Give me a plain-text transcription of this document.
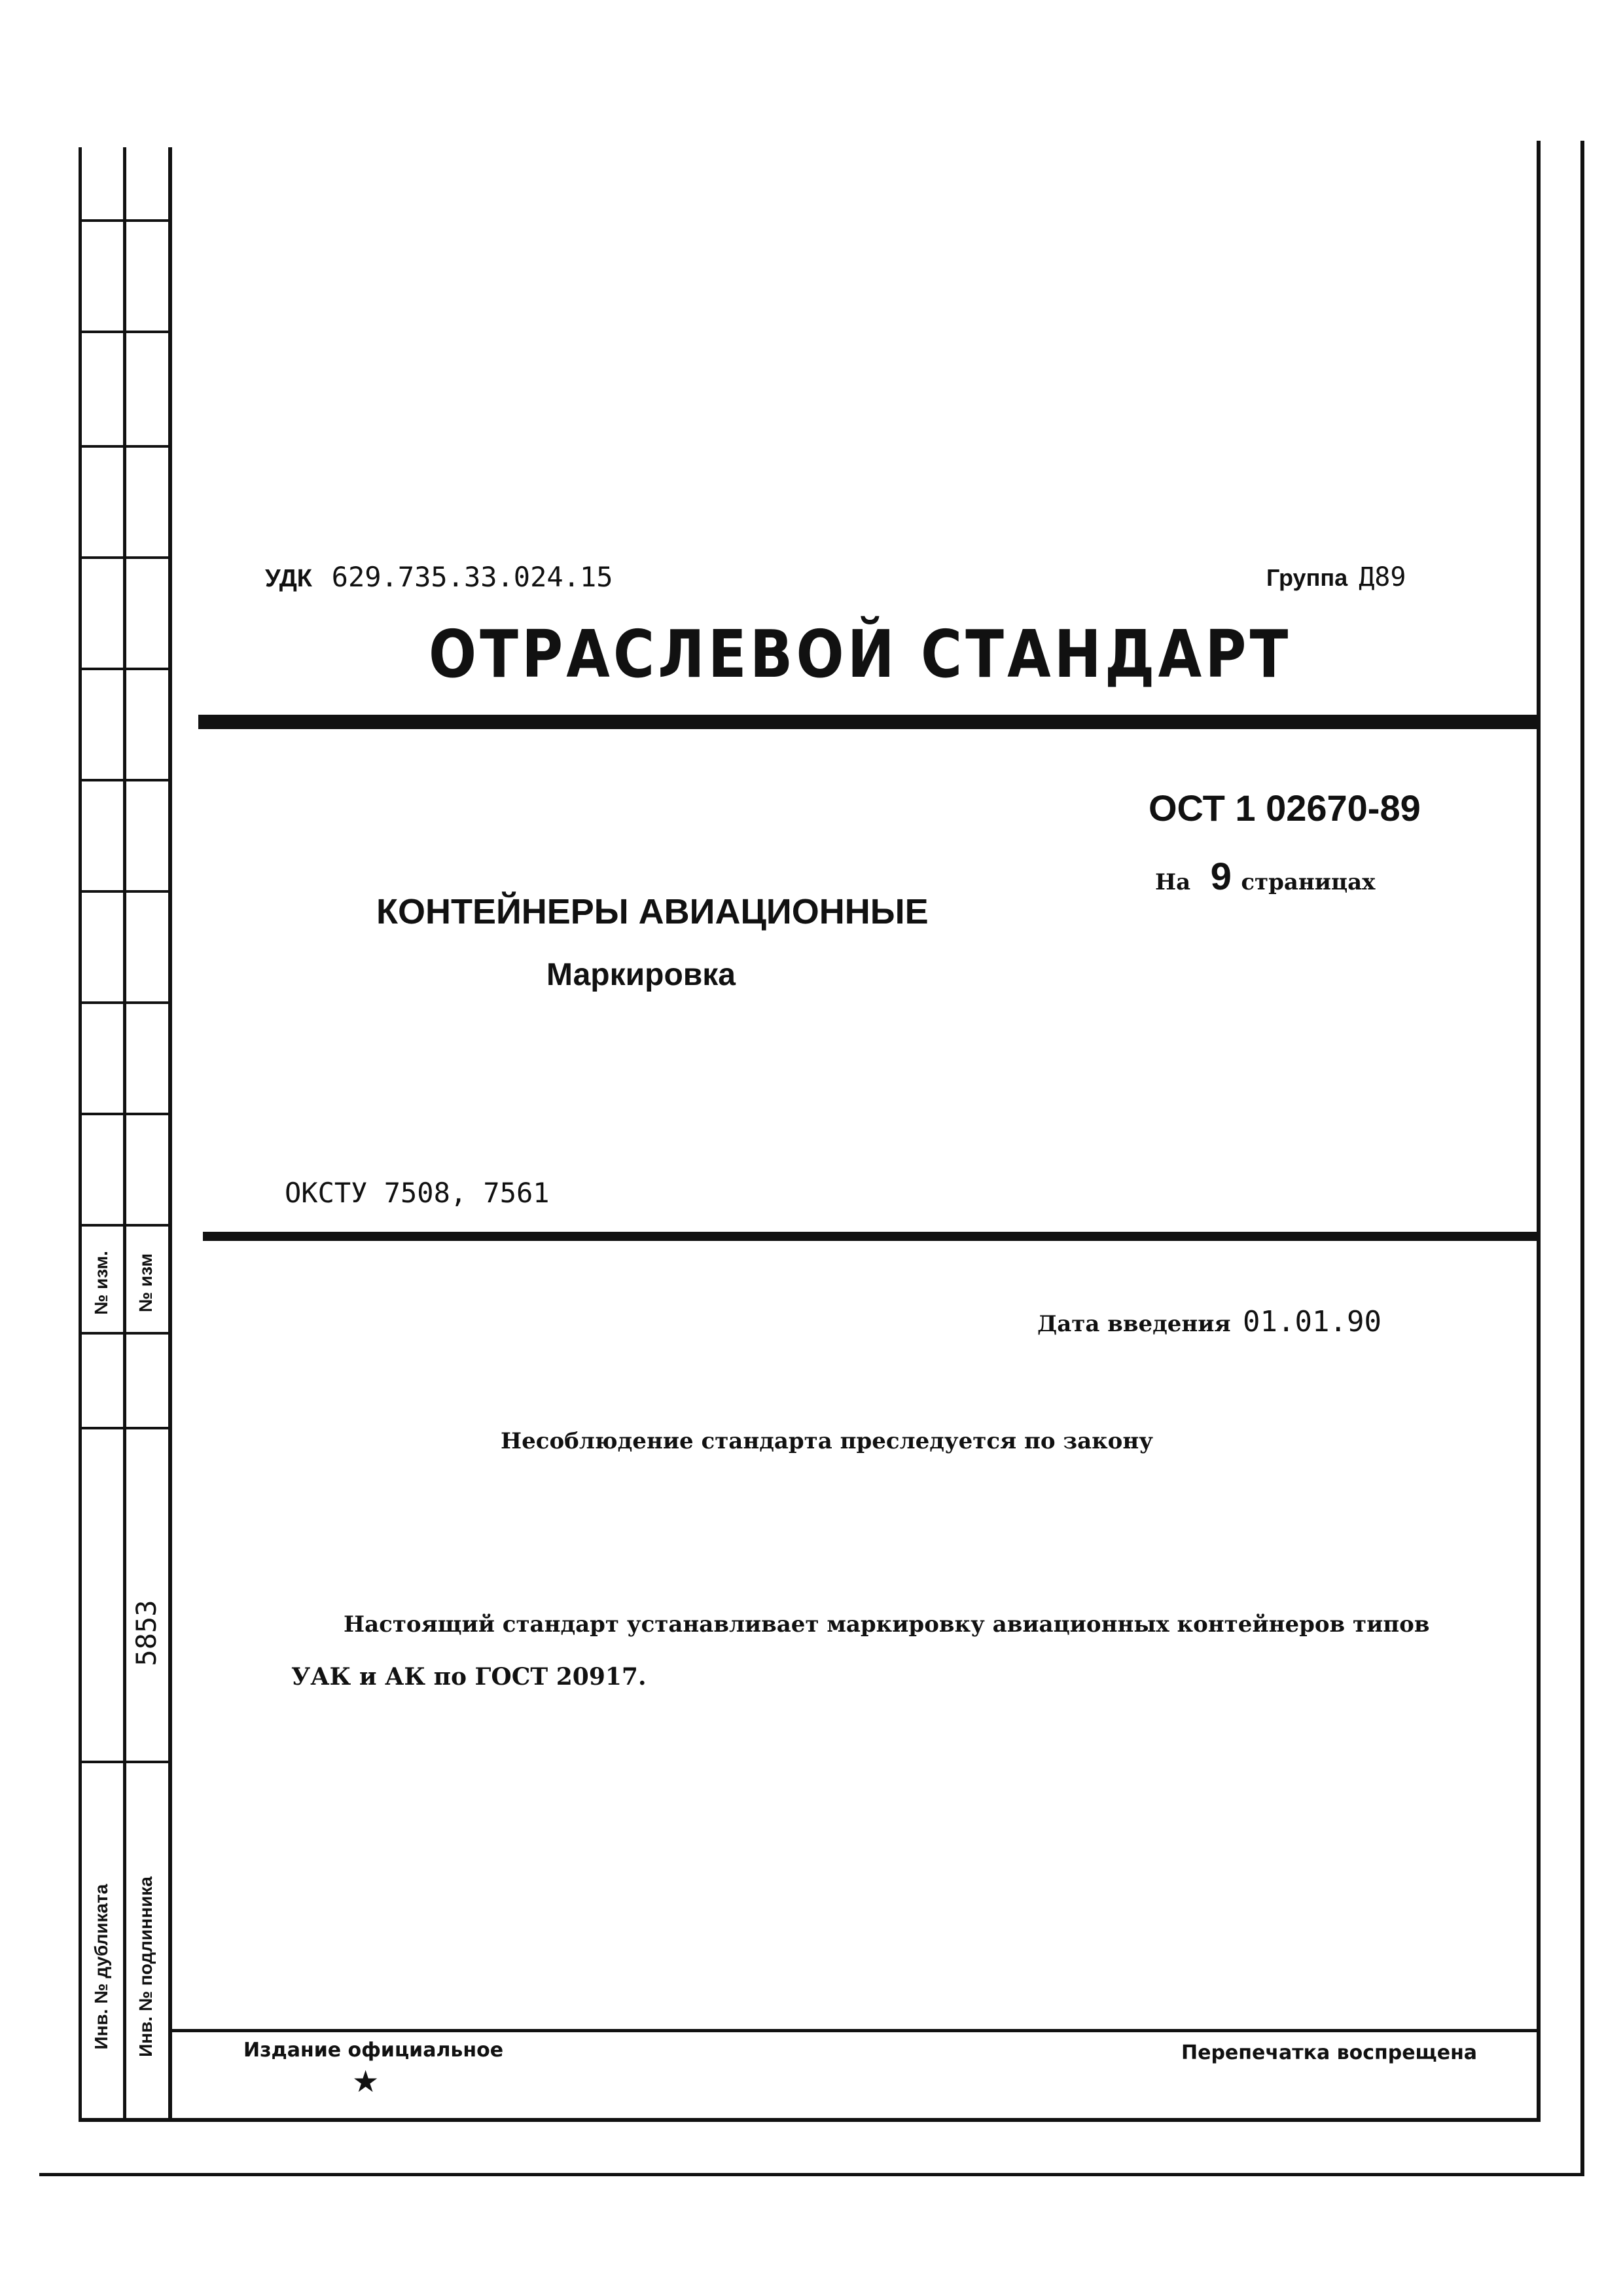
№ изм. № изм
5853
Инв. № дубликата Инв. № подлинника
УДК 629.735.33.024.15	Группа Д89
ОТРАСЛЕВОЙ СТАНДАРТ
ОСТ 1 02670-89
На 9 страницах
КОНТЕЙНЕРЫ АВИАЦИОННЫЕ
Маркировка
ОКСТУ 7508, 7561
Дата введения 01.01.90
Несоблюдение стандарта преследуется по закону
Настоящий стандарт устанавливает маркировку авиационных контейнеров типов
УАК и АК по ГОСТ 20917.
Издание официальное
★
Перепечатка воспрещена
